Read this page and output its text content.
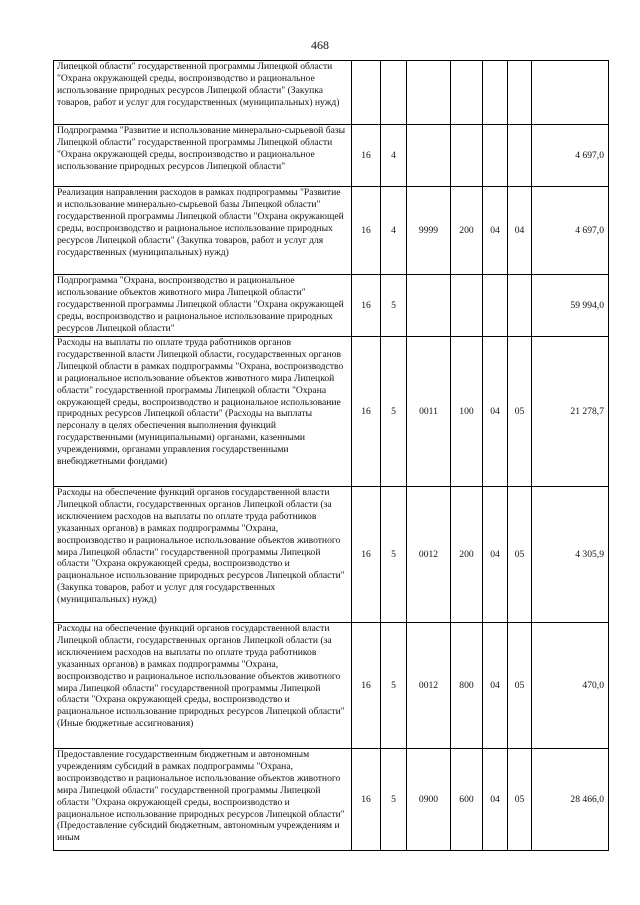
468
Липецкой области" государственной программы Липецкой области "Охрана окружающей среды, воспроизводство и рациональное использование природных ресурсов Липецкой области" (Закупка товаров, работ и услуг для государственных (муниципальных) нужд)							
Подпрограмма "Развитие и использование минерально-сырьевой базы Липецкой области" государственной программы Липецкой области "Охрана окружающей среды, воспроизводство и рациональное использование природных ресурсов Липецкой области"	16	4					4 697,0
Реализация направления расходов в рамках подпрограммы "Развитие и использование минерально-сырьевой базы Липецкой области" государственной программы Липецкой области "Охрана окружающей среды, воспроизводство и рациональное использование природных ресурсов Липецкой области" (Закупка товаров, работ и услуг для государственных (муниципальных) нужд)	16	4	9999	200	04	04	4 697,0
Подпрограмма "Охрана, воспроизводство и рациональное использование объектов животного мира Липецкой области" государственной программы Липецкой области "Охрана окружающей среды, воспроизводство и рациональное использование природных ресурсов Липецкой области"	16	5					59 994,0
Расходы на выплаты по оплате труда работников органов государственной власти Липецкой области, государственных органов Липецкой области в рамках подпрограммы "Охрана, воспроизводство и рациональное использование объектов животного мира Липецкой области" государственной программы Липецкой области "Охрана окружающей среды, воспроизводство и рациональное использование природных ресурсов Липецкой области" (Расходы на выплаты персоналу в целях обеспечения выполнения функций государственными (муниципальными) органами, казенными учреждениями, органами управления государственными внебюджетными фондами)	16	5	0011	100	04	05	21 278,7
Расходы на обеспечение функций органов государственной власти Липецкой области, государственных органов Липецкой области (за исключением расходов на выплаты по оплате труда работников указанных органов) в рамках подпрограммы "Охрана, воспроизводство и рациональное использование объектов животного мира Липецкой области" государственной программы Липецкой области "Охрана окружающей среды, воспроизводство и рациональное использование природных ресурсов Липецкой области" (Закупка товаров, работ и услуг для государственных (муниципальных) нужд)	16	5	0012	200	04	05	4 305,9
Расходы на обеспечение функций органов государственной власти Липецкой области, государственных органов Липецкой области (за исключением расходов на выплаты по оплате труда работников указанных органов) в рамках подпрограммы "Охрана, воспроизводство и рациональное использование объектов животного мира Липецкой области" государственной программы Липецкой области "Охрана окружающей среды, воспроизводство и рациональное использование природных ресурсов Липецкой области" (Иные бюджетные ассигнования)	16	5	0012	800	04	05	470,0
Предоставление государственным бюджетным и автономным учреждениям субсидий в рамках подпрограммы "Охрана, воспроизводство и рациональное использование объектов животного мира Липецкой области" государственной программы Липецкой области "Охрана окружающей среды, воспроизводство и рациональное использование природных ресурсов Липецкой области" (Предоставление субсидий бюджетным, автономным учреждениям и иным	16	5	0900	600	04	05	28 466,0
